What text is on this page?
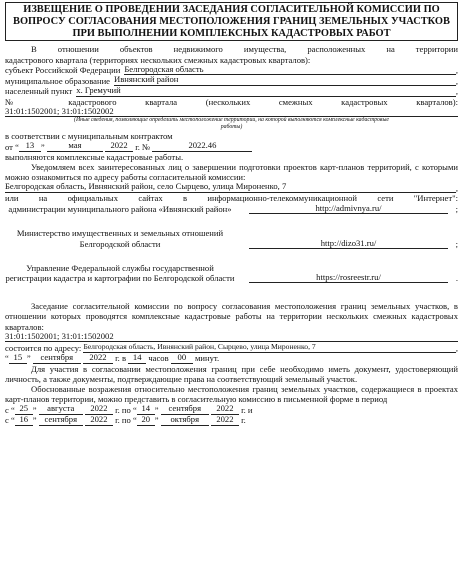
ИЗВЕЩЕНИЕ О ПРОВЕДЕНИИ ЗАСЕДАНИЯ СОГЛАСИТЕЛЬНОЙ КОМИССИИ ПО ВОПРОСУ СОГЛАСОВАНИЯ МЕСТОПОЛОЖЕНИЯ ГРАНИЦ ЗЕМЕЛЬНЫХ УЧАСТКОВ ПРИ ВЫПОЛНЕНИИ КОМПЛЕКСНЫХ КАДАСТРОВЫХ РАБОТ

В отношении объектов недвижимого имущества, расположенных на территории

кадастрового квартала (территориях нескольких смежных кадастровых кварталов):

субъект Российской Федерации Белгородская область	,
муниципальное образование Ивнянский район	,
населенный пункт х. Гремучий	,

№ кадастрового квартала (нескольких смежных кадастровых кварталов):

31:01:1502001; 31:01:1502002
(Иные сведения, позволяющие определить местоположение территории, на которой выполняются комплексные кадастровые работы)

в соответствии с муниципальным контрактом

от “ 13 ”	мая
	2022
г. №
	2022.46

выполняются комплексные кадастровые работы.

Уведомляем всех заинтересованных лиц о завершении подготовки проектов карт-планов территорий, с которыми можно ознакомиться по адресу работы согласительной комиссии:

Белгородская область, Ивнянский район, село Сырцево, улица Мироненко, 7	,

или на официальных сайтах в информационно-телекоммуникационной сети "Интернет":

администрации муниципального района «Ивнянский район»	http://admivnya.ru/	;
Министерство имущественных и земельных отношений Белгородской области	http://dizo31.ru/	;
Управление Федеральной службы государственной регистрации кадастра и картографии по Белгородской области	https://rosreestr.ru/	.

Заседание согласительной комиссии по вопросу согласования местоположения границ земельных участков, в отношении которых проводятся комплексные кадастровые работы на территории нескольких смежных кадастровых кварталов:

31:01:1502001; 31:01:1502002
состоится по адресу:
Белгородская область, Ивнянский район, Сырцево, улица Мироненко, 7	,
“ 15 ” сентября
	2022
г. в
14
часов
	00
	минут.

Для участия в согласовании местоположения границ при себе необходимо иметь документ, удостоверяющий личность, а также документы, подтверждающие права на соответствующий земельный участок.

Обоснованные возражения относительно местоположения границ земельных участков, содержащиеся в проектах карт-планов территории, можно представить в согласительную комиссию в письменной форме в период

с “ 25 ” августа
	2022
г. по “ 14 ” сентября
	2022
г. и
с “ 16 ” сентября
	2022
г. по “ 20 ”	октября
	2022
г.
